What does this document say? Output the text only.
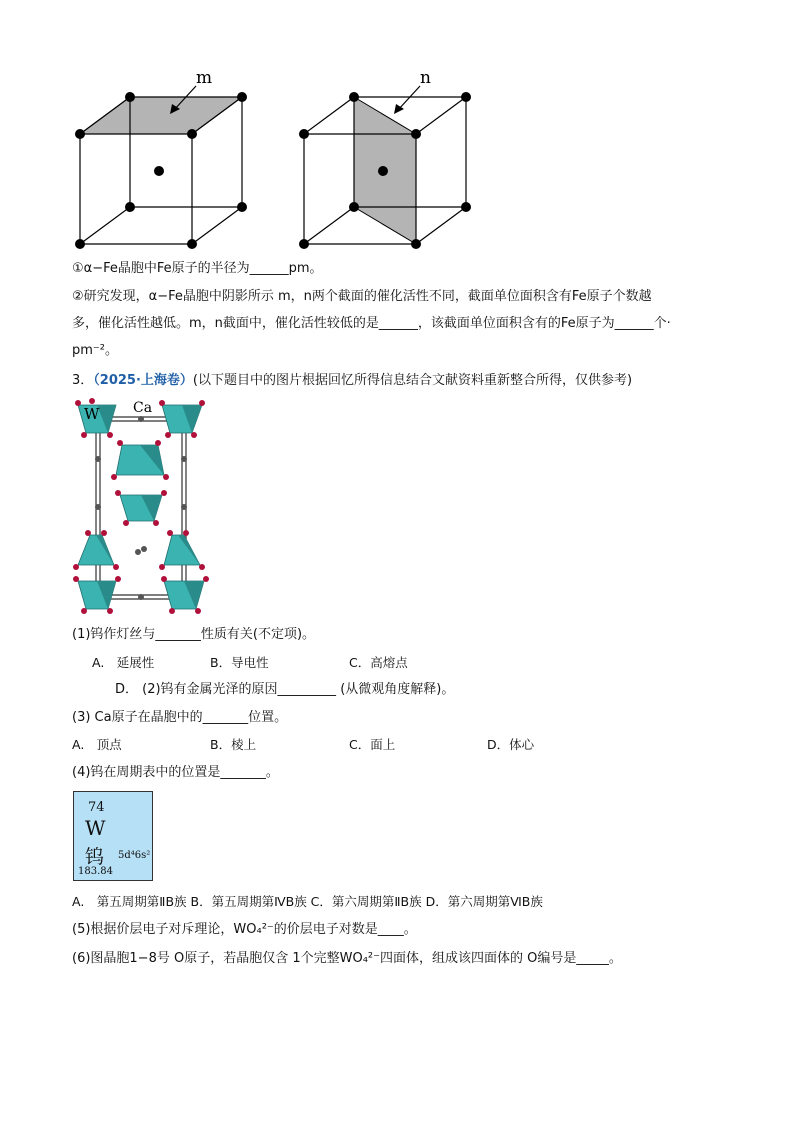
m	n
①α−Fe晶胞中Fe原子的半径为______pm。
②研究发现，α−Fe晶胞中阴影所示 m，n两个截面的催化活性不同，截面单位面积含有Fe原子个数越
多，催化活性越低。m，n截面中，催化活性较低的是______，该截面单位面积含有的Fe原子为______个·
pm⁻²。
3．（2025·上海卷）(以下题目中的图片根据回忆所得信息结合文献资料重新整合所得，仅供参考)
W Ca
(1)钨作灯丝与_______性质有关(不定项)。
A.　延展性	B．导电性	C．高熔点
D． (2)钨有金属光泽的原因_________ (从微观角度解释)。
(3) Ca原子在晶胞中的_______位置。
A.　顶点	B．棱上	C．面上	D．体心
(4)钨在周期表中的位置是_______。
74
W
钨 5d⁴6s²
183.84
A.　第五周期第ⅡB族 B．第五周期第ⅣB族 C．第六周期第ⅡB族 D．第六周期第ⅥB族
(5)根据价层电子对斥理论，WO₄²⁻的价层电子对数是____。
(6)图晶胞1−8号 O原子，若晶胞仅含 1个完整WO₄²⁻四面体，组成该四面体的 O编号是_____。
